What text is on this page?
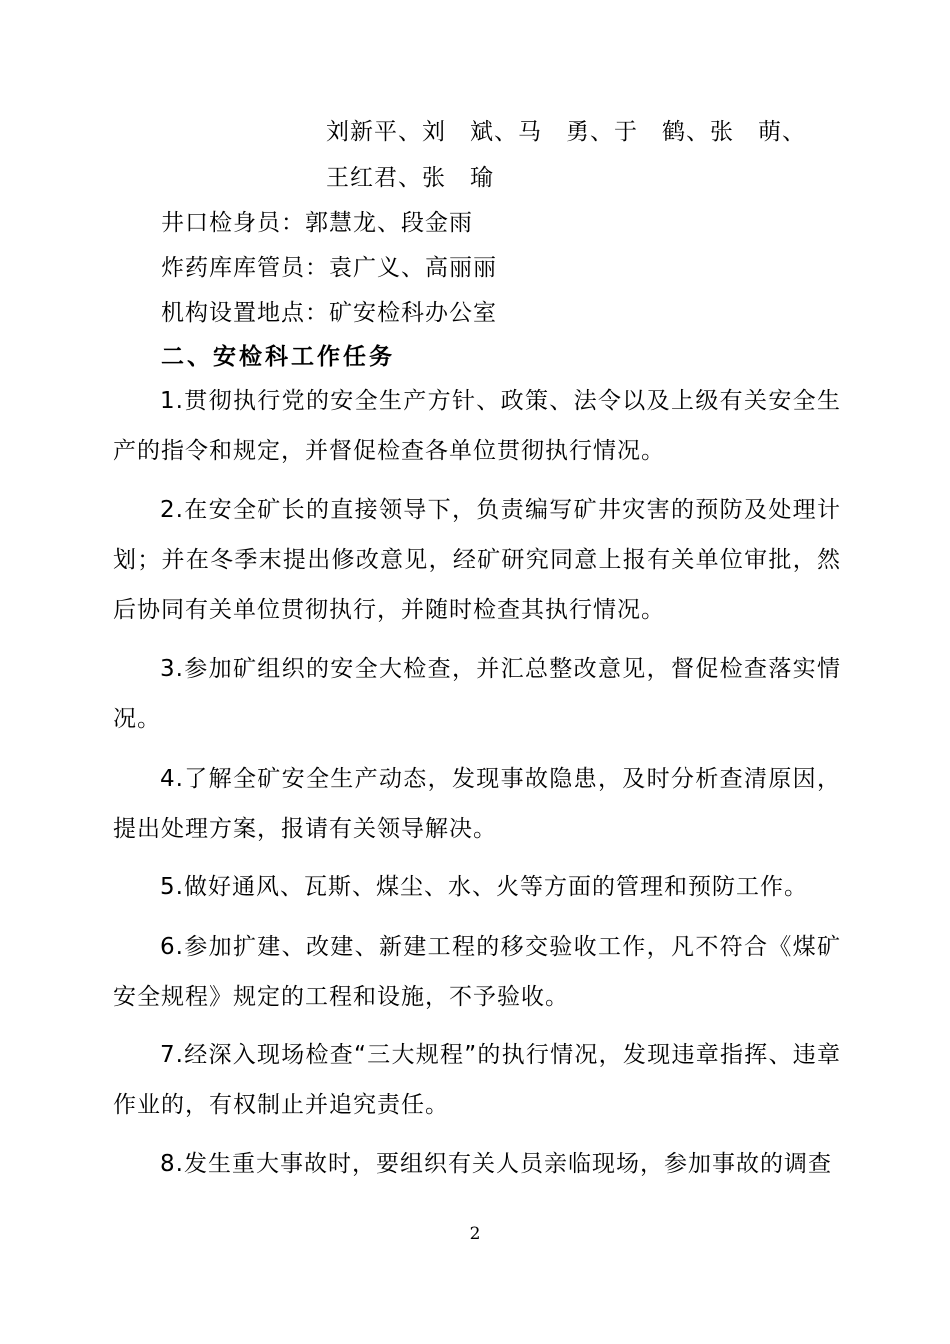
刘新平、刘　斌、马　勇、于　鹤、张　萌、
王红君、张　瑜
井口检身员：郭慧龙、段金雨
炸药库库管员：袁广义、高丽丽
机构设置地点：矿安检科办公室
二、安检科工作任务

1.贯彻执行党的安全生产方针、政策、法令以及上级有关安全生产的指令和规定，并督促检查各单位贯彻执行情况。

2.在安全矿长的直接领导下，负责编写矿井灾害的预防及处理计划；并在冬季末提出修改意见，经矿研究同意上报有关单位审批，然后协同有关单位贯彻执行，并随时检查其执行情况。

3.参加矿组织的安全大检查，并汇总整改意见，督促检查落实情况。

4.了解全矿安全生产动态，发现事故隐患，及时分析查清原因，提出处理方案，报请有关领导解决。

5.做好通风、瓦斯、煤尘、水、火等方面的管理和预防工作。

6.参加扩建、改建、新建工程的移交验收工作，凡不符合《煤矿安全规程》规定的工程和设施，不予验收。

7.经深入现场检查“三大规程”的执行情况，发现违章指挥、违章作业的，有权制止并追究责任。

8.发生重大事故时，要组织有关人员亲临现场，参加事故的调查

2
